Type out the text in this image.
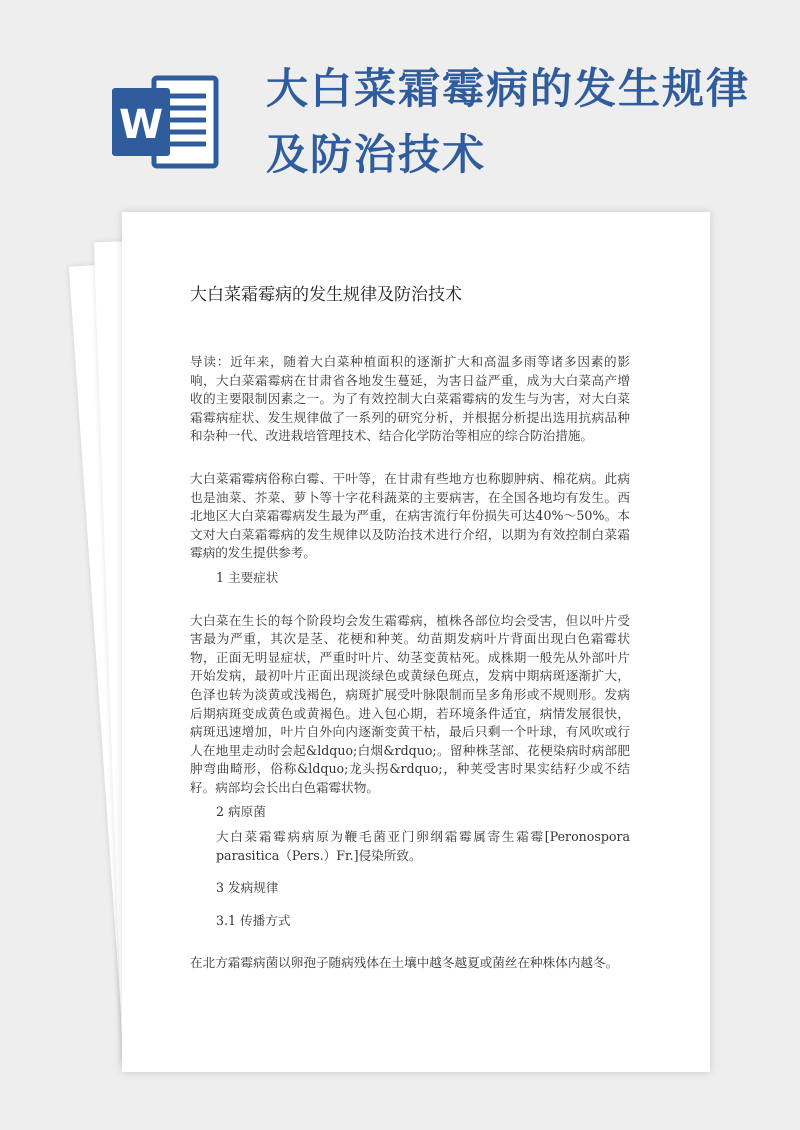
W
大白菜霜霉病的发生规律及防治技术
大白菜霜霉病的发生规律及防治技术

导读：近年来，随着大白菜种植面积的逐渐扩大和高温多雨等诸多因素的影响，大白菜霜霉病在甘肃省各地发生蔓延，为害日益严重，成为大白菜高产增收的主要限制因素之一。为了有效控制大白菜霜霉病的发生与为害，对大白菜霜霉病症状、发生规律做了一系列的研究分析，并根据分析提出选用抗病品种和杂种一代、改进栽培管理技术、结合化学防治等相应的综合防治措施。

大白菜霜霉病俗称白霉、干叶等，在甘肃有些地方也称脚肿病、棉花病。此病也是油菜、芥菜、萝卜等十字花科蔬菜的主要病害，在全国各地均有发生。西北地区大白菜霜霉病发生最为严重，在病害流行年份损失可达40%～50%。本文对大白菜霜霉病的发生规律以及防治技术进行介绍，以期为有效控制白菜霜霉病的发生提供参考。

1 主要症状

大白菜在生长的每个阶段均会发生霜霉病，植株各部位均会受害，但以叶片受害最为严重，其次是茎、花梗和种荚。幼苗期发病叶片背面出现白色霜霉状物，正面无明显症状，严重时叶片、幼茎变黄枯死。成株期一般先从外部叶片开始发病，最初叶片正面出现淡绿色或黄绿色斑点，发病中期病斑逐渐扩大，色泽也转为淡黄或浅褐色，病斑扩展受叶脉限制而呈多角形或不规则形。发病后期病斑变成黄色或黄褐色。进入包心期，若环境条件适宜，病情发展很快，病斑迅速增加，叶片自外向内逐渐变黄干枯，最后只剩一个叶球，有风吹或行人在地里走动时会起&ldquo;白烟&rdquo;。留种株茎部、花梗染病时病部肥肿弯曲畸形，俗称&ldquo;龙头拐&rdquo;，种荚受害时果实结籽少或不结籽。病部均会长出白色霜霉状物。

2 病原菌

大白菜霜霉病病原为鞭毛菌亚门卵纲霜霉属寄生霜霉[Peronospora parasitica（Pers.）Fr.]侵染所致。

3 发病规律

3.1 传播方式

在北方霜霉病菌以卵孢子随病残体在土壤中越冬越夏或菌丝在种株体内越冬。
